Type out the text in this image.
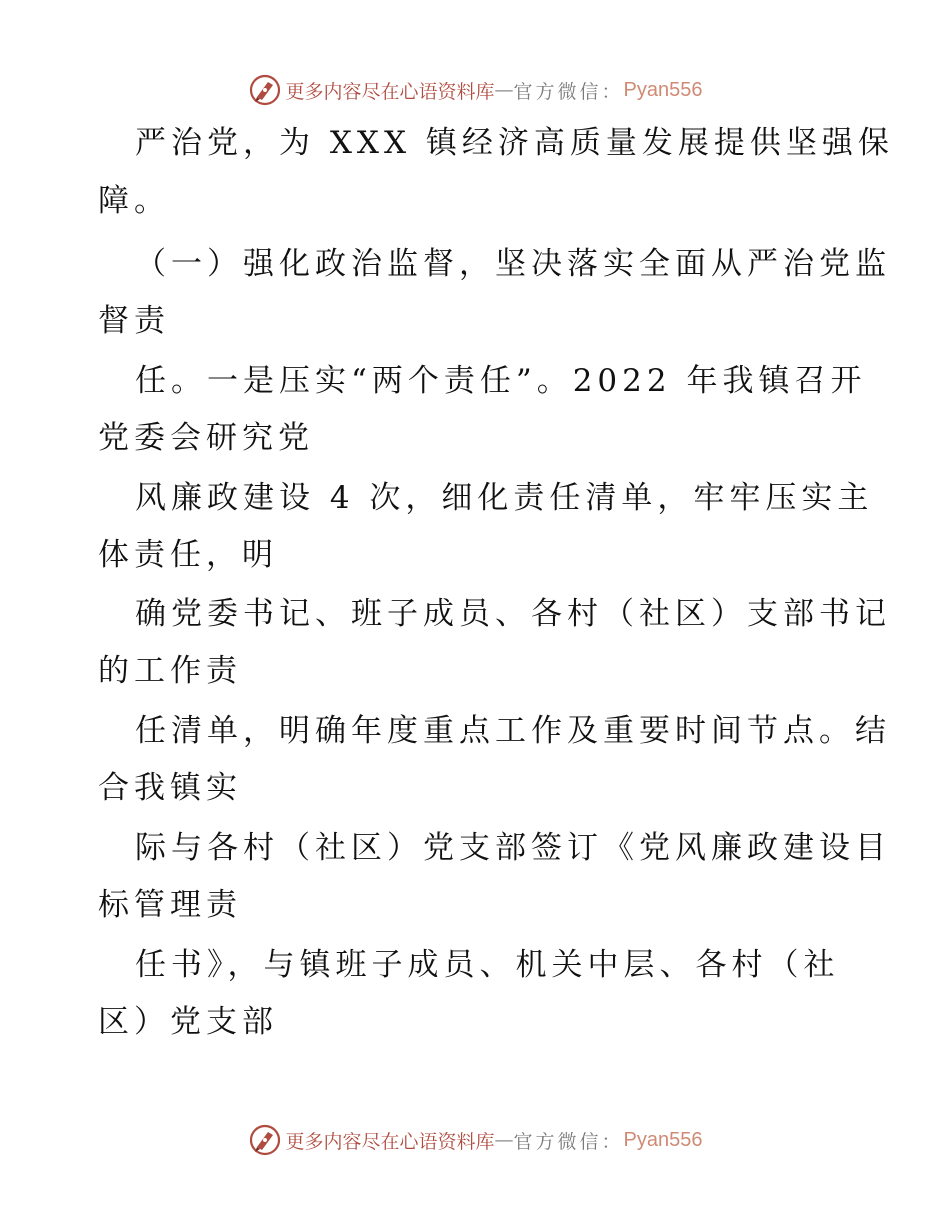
更多内容尽在心语资料库 — 官方微信： Pyan556
严治党，为 XXX 镇经济高质量发展提供坚强保
障。
（一）强化政治监督，坚决落实全面从严治党监
督责
任。一是压实“两个责任”。2022 年我镇召开
党委会研究党
风廉政建设 4 次，细化责任清单，牢牢压实主
体责任，明
确党委书记、班子成员、各村（社区）支部书记
的工作责
任清单，明确年度重点工作及重要时间节点。结
合我镇实
际与各村（社区）党支部签订《党风廉政建设目
标管理责
任书》，与镇班子成员、机关中层、各村（社
区）党支部
更多内容尽在心语资料库 — 官方微信： Pyan556
